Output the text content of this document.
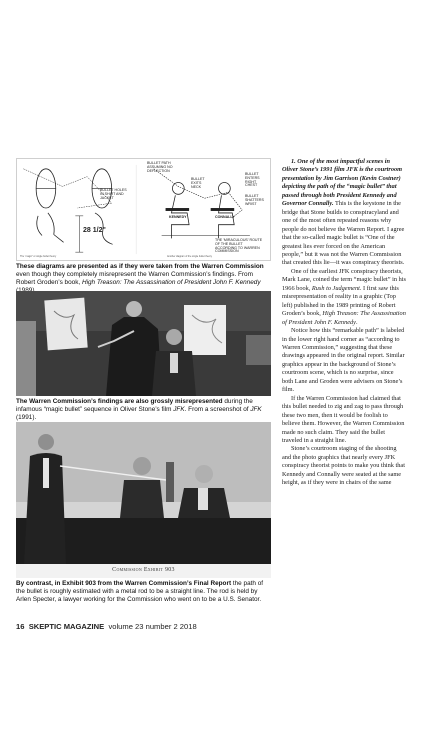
BULLET HOLES
IN SHIRT AND
JACKET
BULLET PATH
ASSUMING NO
DEFLECTION
BULLET
EXITS
NECK
BULLET
ENTERS
RIGHT
CHEST
BULLET
SHATTERS
WRIST
KENNEDY	CONNALLY
THE 'MIRACULOUS' ROUTE
OF THE BULLET
ACCORDING TO WARREN
COMMISSION
28 1/2"
The “magic” or single bullet theory	Another diagram of the single bullet theory
These diagrams are presented as if they were taken from the Warren Commission even though they completely misrepresent the Warren Commission’s findings. From Robert Groden’s book, High Treason: The Assassination of President John F. Kennedy
The Warren Commission’s findings are also grossly misrepresented during the infamous “magic bullet” sequence in Oliver Stone’s film JFK. From a screenshot of JFK (1991).
Commission Exhibit 903
By contrast, in Exhibit 903 from the Warren Commission’s Final Report the path of the bullet is roughly estimated with a metal rod to be a straight line. The rod is held by Arlen Specter, a lawyer working for the Commission who went on to be a U.S. Senator.

1. One of the most impactful scenes in Oliver Stone’s 1991 film JFK is the courtroom presentation by Jim Garrison (Kevin Costner) depicting the path of the “magic bullet” that passed through both President Kennedy and Governor Connally. This is the keystone in the bridge that Stone builds to conspiracyland and one of the most often repeated reasons why people do not believe the Warren Report. I agree that the so-called magic bullet is “One of the greatest lies ever forced on the American people,” but it was not the Warren Commission that created this lie—it was conspiracy theorists.

One of the earliest JFK conspiracy theorists, Mark Lane, coined the term “magic bullet” in his 1966 book, Rush to Judgement. I first saw this misrepresentation of reality in a graphic (Top left) published in the 1989 printing of Robert Groden’s book, High Treason: The Assassination of President John F. Kennedy.

Notice how this “remarkable path” is labeled in the lower right hand corner as “according to Warren Commission,” suggesting that these drawings appeared in the original report. Similar graphics appear in the background of Stone’s courtroom scene, which is no surprise, since both Lane and Groden were advisers on Stone’s film.

If the Warren Commission had claimed that this bullet needed to zig and zag to pass through these two men, then it would be foolish to believe them. However, the Warren Commission made no such claim. They said the bullet traveled in a straight line.

Stone’s courtroom staging of the shooting and the photo graphics that nearly every JFK conspiracy theorist points to make you think that Kennedy and Connally were seated at the same height, as if they were in chairs of the same

16 SKEPTIC MAGAZINE volume 23 number 2 2018
